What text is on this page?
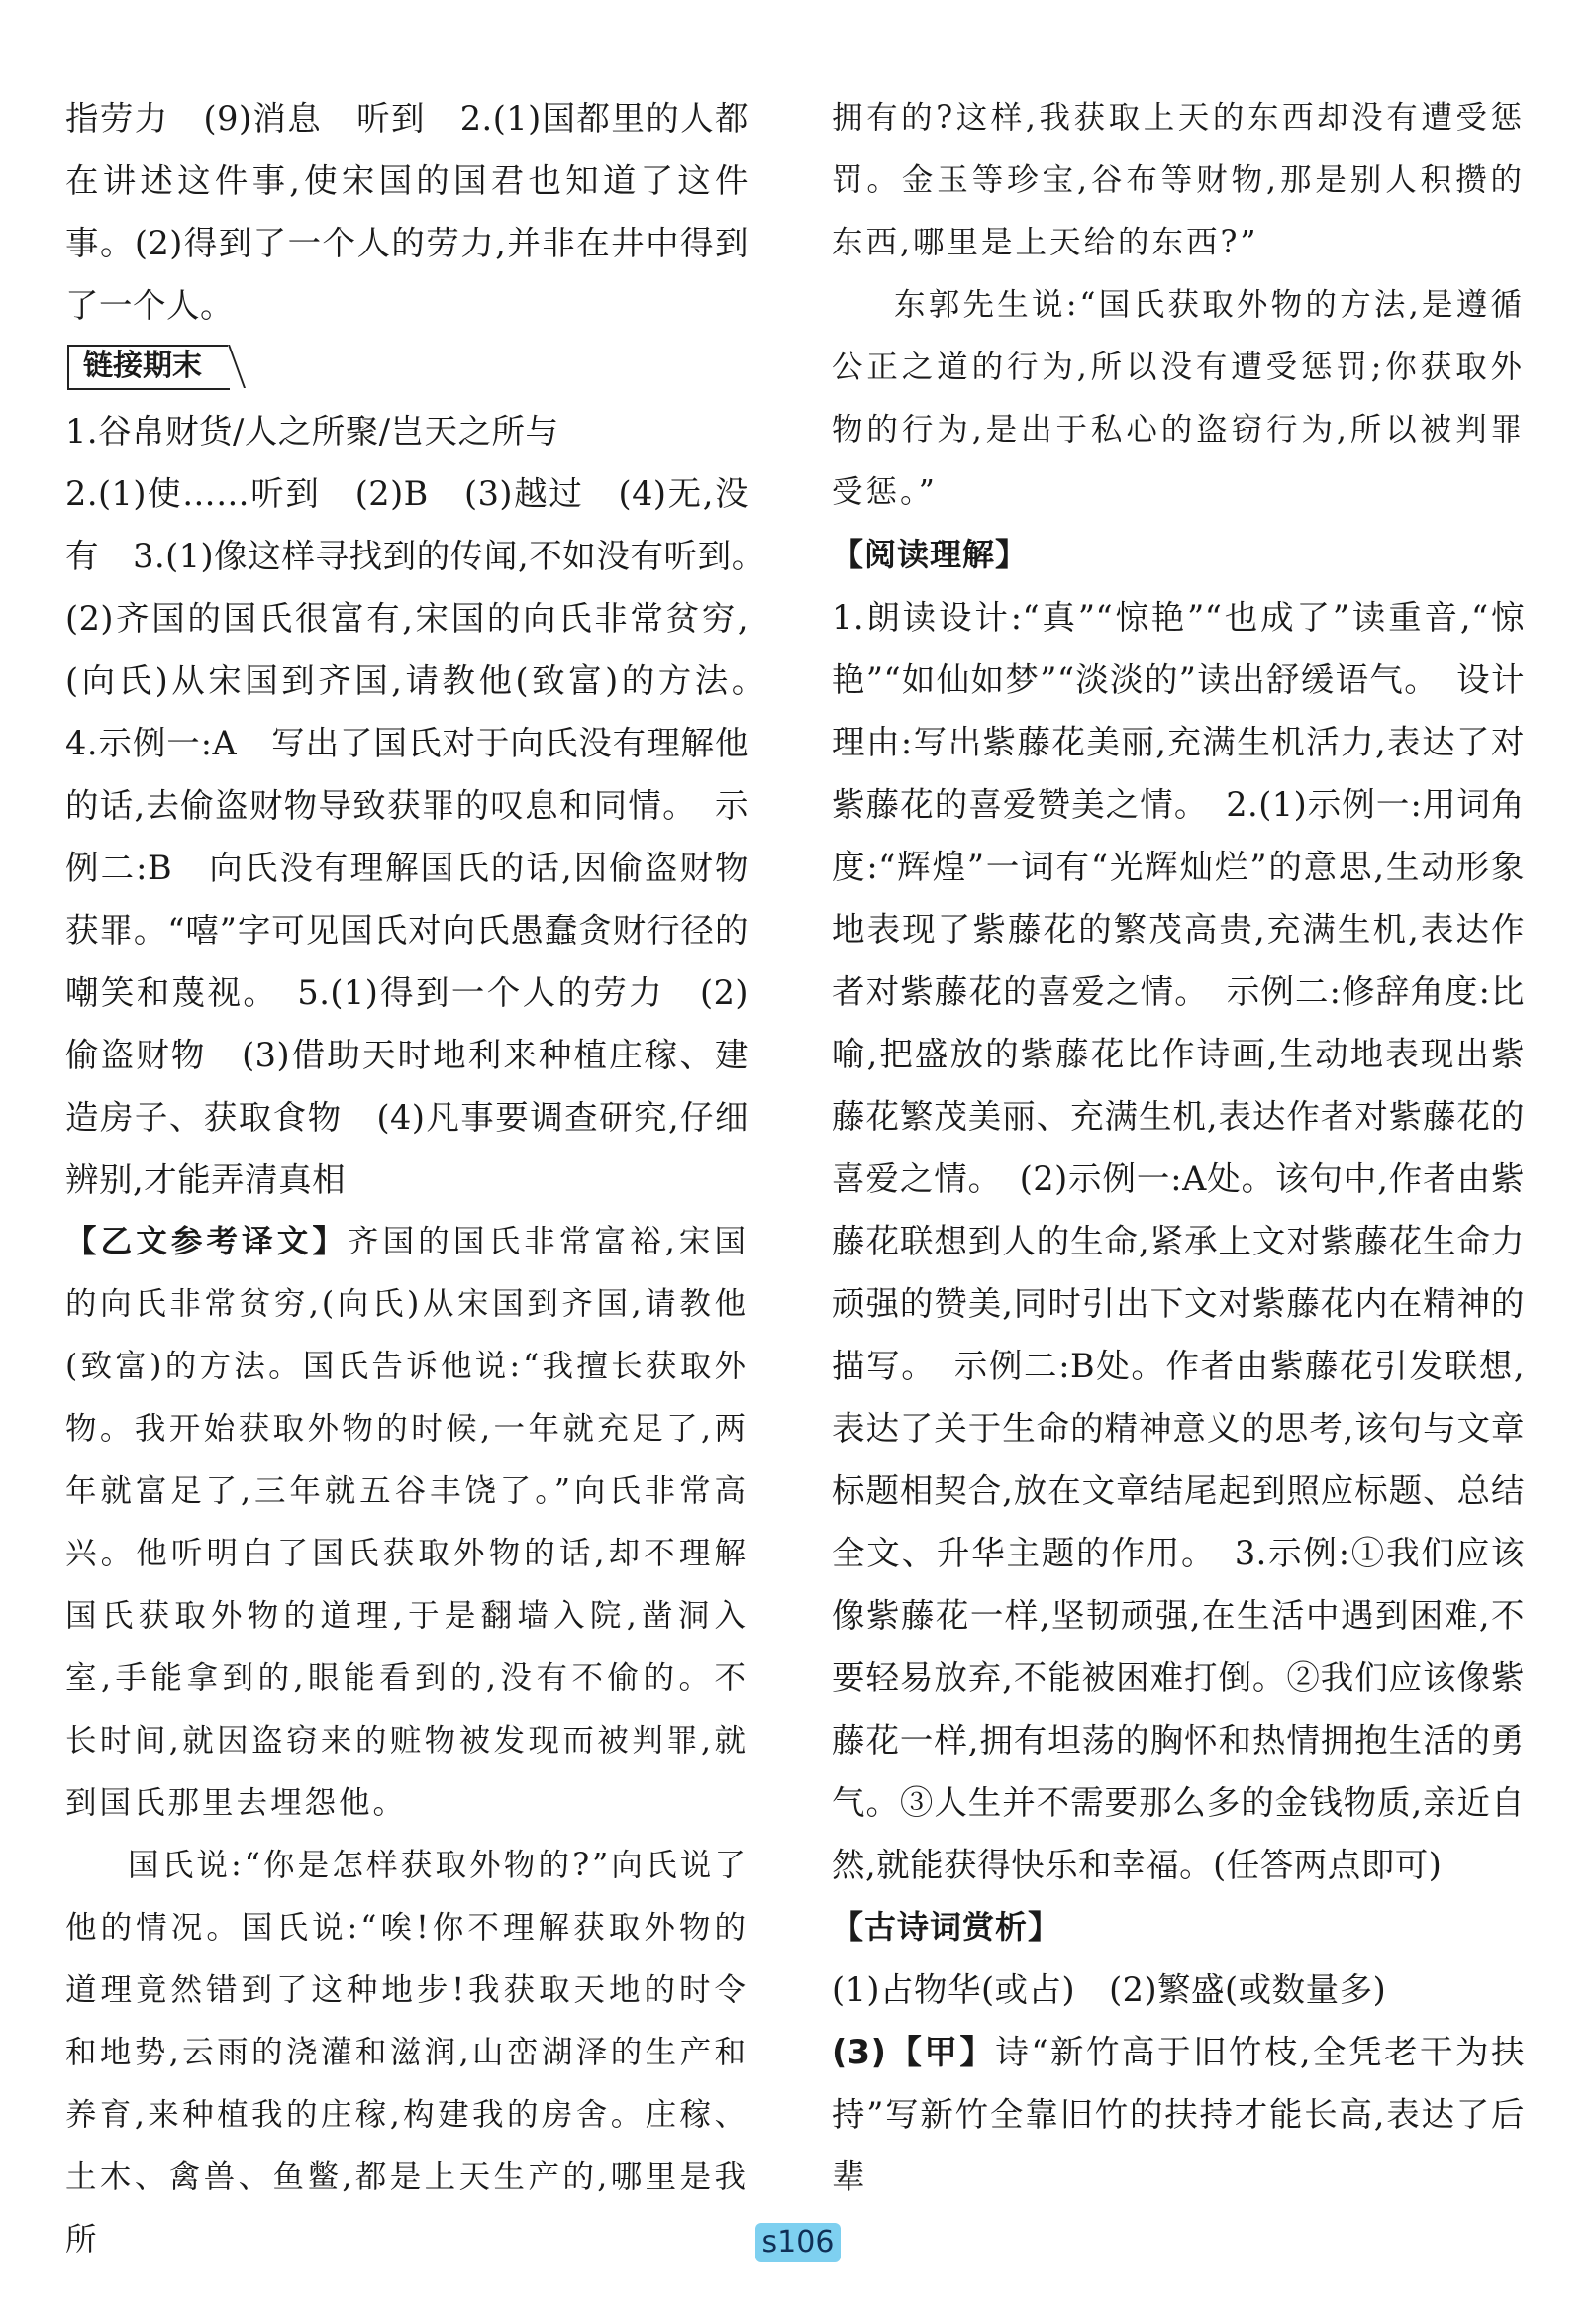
指劳力　(9)消息　听到　2.(1)国都里的人都在讲述这件事,使宋国的国君也知道了这件事。(2)得到了一个人的劳力,并非在井中得到了一个人。

链接期末

1.谷帛财货/人之所聚/岂天之所与

2.(1)使……听到　(2)B　(3)越过　(4)无,没有　3.(1)像这样寻找到的传闻,不如没有听到。　(2)齐国的国氏很富有,宋国的向氏非常贫穷,(向氏)从宋国到齐国,请教他(致富)的方法。　4.示例一:A　写出了国氏对于向氏没有理解他的话,去偷盗财物导致获罪的叹息和同情。　示例二:B　向氏没有理解国氏的话,因偷盗财物获罪。“嘻”字可见国氏对向氏愚蠢贪财行径的嘲笑和蔑视。　5.(1)得到一个人的劳力　(2)偷盗财物　(3)借助天时地利来种植庄稼、建造房子、获取食物　(4)凡事要调查研究,仔细辨别,才能弄清真相

【乙文参考译文】齐国的国氏非常富裕,宋国的向氏非常贫穷,(向氏)从宋国到齐国,请教他(致富)的方法。国氏告诉他说:“我擅长获取外物。我开始获取外物的时候,一年就充足了,两年就富足了,三年就五谷丰饶了。”向氏非常高兴。他听明白了国氏获取外物的话,却不理解国氏获取外物的道理,于是翻墙入院,凿洞入室,手能拿到的,眼能看到的,没有不偷的。不长时间,就因盗窃来的赃物被发现而被判罪,就到国氏那里去埋怨他。

国氏说:“你是怎样获取外物的?”向氏说了他的情况。国氏说:“唉!你不理解获取外物的道理竟然错到了这种地步!我获取天地的时令和地势,云雨的浇灌和滋润,山峦湖泽的生产和养育,来种植我的庄稼,构建我的房舍。庄稼、土木、禽兽、鱼鳖,都是上天生产的,哪里是我所

拥有的?这样,我获取上天的东西却没有遭受惩罚。金玉等珍宝,谷布等财物,那是别人积攒的东西,哪里是上天给的东西?”

东郭先生说:“国氏获取外物的方法,是遵循公正之道的行为,所以没有遭受惩罚;你获取外物的行为,是出于私心的盗窃行为,所以被判罪受惩。”

【阅读理解】

1.朗读设计:“真”“惊艳”“也成了”读重音,“惊艳”“如仙如梦”“淡淡的”读出舒缓语气。　设计理由:写出紫藤花美丽,充满生机活力,表达了对紫藤花的喜爱赞美之情。　2.(1)示例一:用词角度:“辉煌”一词有“光辉灿烂”的意思,生动形象地表现了紫藤花的繁茂高贵,充满生机,表达作者对紫藤花的喜爱之情。　示例二:修辞角度:比喻,把盛放的紫藤花比作诗画,生动地表现出紫藤花繁茂美丽、充满生机,表达作者对紫藤花的喜爱之情。　(2)示例一:A处。该句中,作者由紫藤花联想到人的生命,紧承上文对紫藤花生命力顽强的赞美,同时引出下文对紫藤花内在精神的描写。　示例二:B处。作者由紫藤花引发联想,表达了关于生命的精神意义的思考,该句与文章标题相契合,放在文章结尾起到照应标题、总结全文、升华主题的作用。　3.示例:①我们应该像紫藤花一样,坚韧顽强,在生活中遇到困难,不要轻易放弃,不能被困难打倒。②我们应该像紫藤花一样,拥有坦荡的胸怀和热情拥抱生活的勇气。③人生并不需要那么多的金钱物质,亲近自然,就能获得快乐和幸福。(任答两点即可)

【古诗词赏析】

(1)占物华(或占)　(2)繁盛(或数量多)

(3)【甲】诗“新竹高于旧竹枝,全凭老干为扶持”写新竹全靠旧竹的扶持才能长高,表达了后辈

s106
